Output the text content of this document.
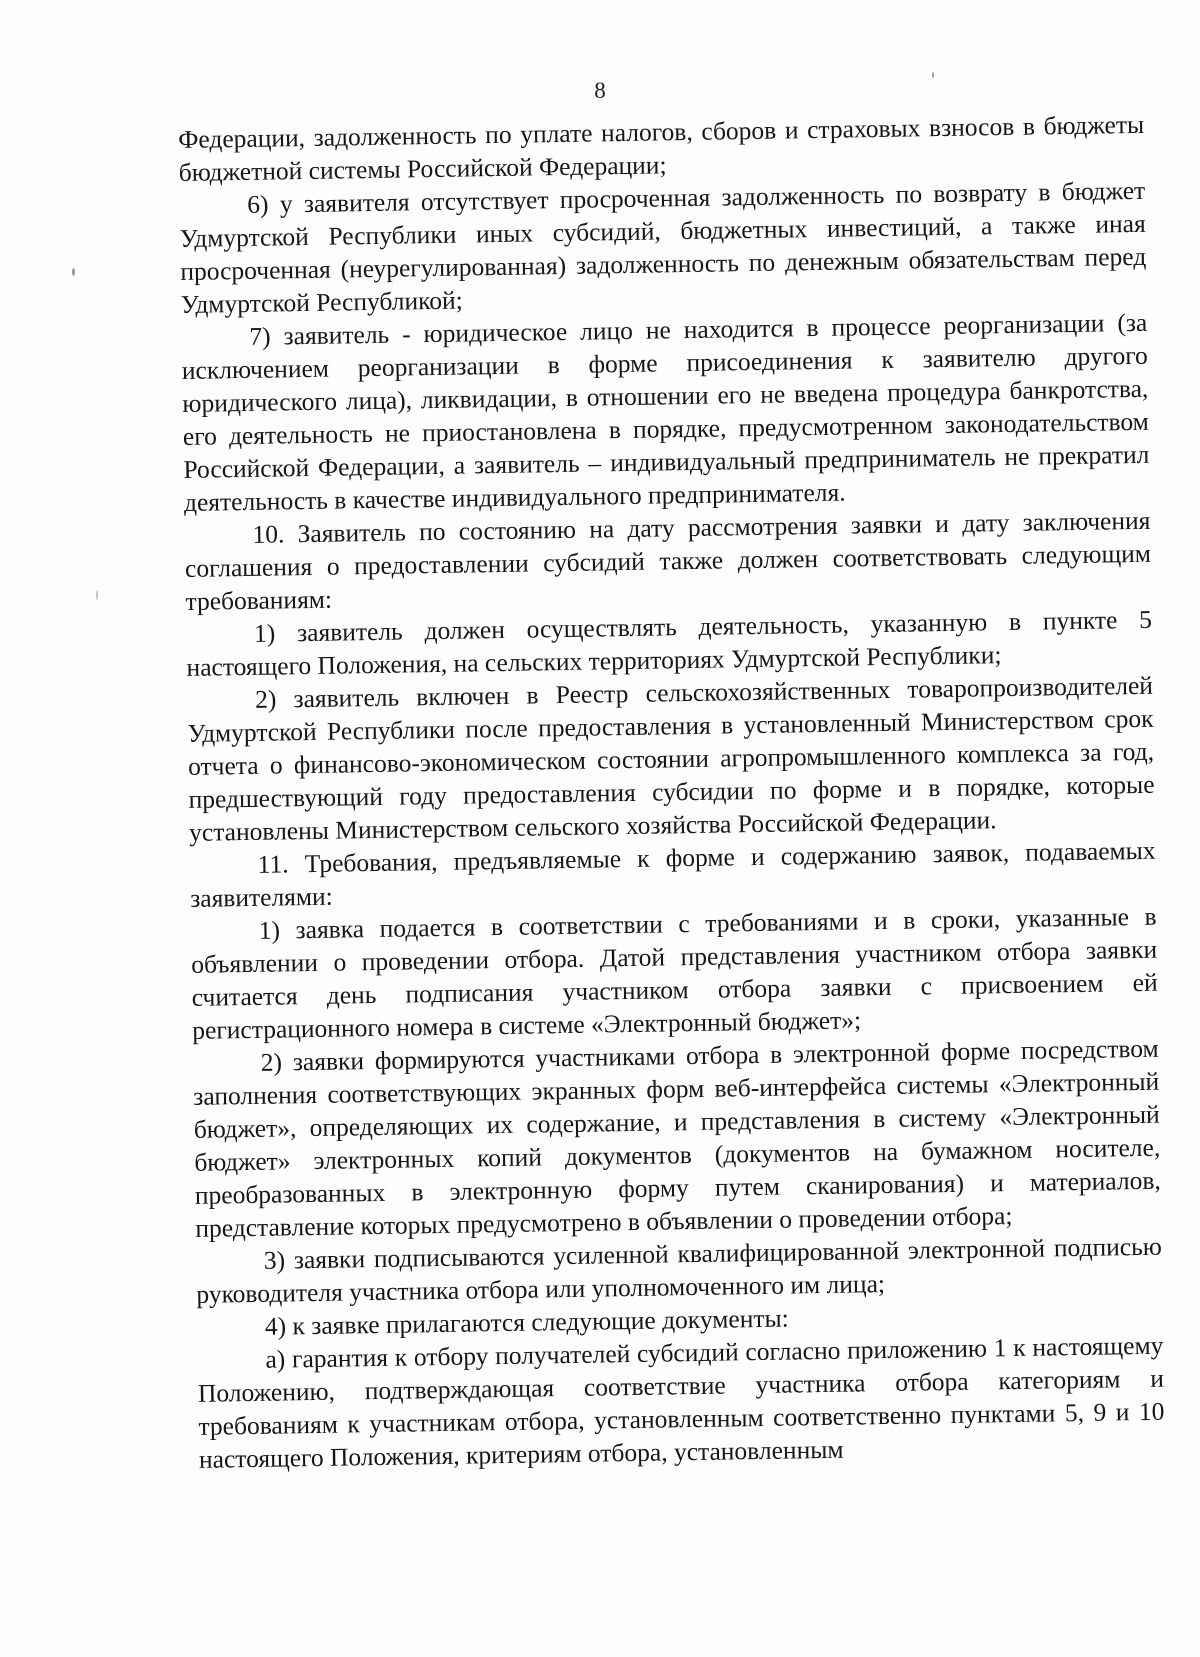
8

Федерации, задолженность по уплате налогов, сборов и страховых взносов в бюджеты бюджетной системы Российской Федерации;

6) у заявителя отсутствует просроченная задолженность по возврату в бюджет Удмуртской Республики иных субсидий, бюджетных инвестиций, а также иная просроченная (неурегулированная) задолженность по денежным обязательствам перед Удмуртской Республикой;

7) заявитель - юридическое лицо не находится в процессе реорганизации (за исключением реорганизации в форме присоединения к заявителю другого юридического лица), ликвидации, в отношении его не введена процедура банкротства, его деятельность не приостановлена в порядке, предусмотренном законодательством Российской Федерации, а заявитель – индивидуальный предприниматель не прекратил деятельность в качестве индивидуального предпринимателя.

10. Заявитель по состоянию на дату рассмотрения заявки и дату заключения соглашения о предоставлении субсидий также должен соответствовать следующим требованиям:

1) заявитель должен осуществлять деятельность, указанную в пункте 5 настоящего Положения, на сельских территориях Удмуртской Республики;

2) заявитель включен в Реестр сельскохозяйственных товаропроизводителей Удмуртской Республики после предоставления в установленный Министерством срок отчета о финансово-экономическом состоянии агропромышленного комплекса за год, предшествующий году предоставления субсидии по форме и в порядке, которые установлены Министерством сельского хозяйства Российской Федерации.

11. Требования, предъявляемые к форме и содержанию заявок, подаваемых заявителями:

1) заявка подается в соответствии с требованиями и в сроки, указанные в объявлении о проведении отбора. Датой представления участником отбора заявки считается день подписания участником отбора заявки с присвоением ей регистрационного номера в системе «Электронный бюджет»;

2) заявки формируются участниками отбора в электронной форме посредством заполнения соответствующих экранных форм веб-интерфейса системы «Электронный бюджет», определяющих их содержание, и представления в систему «Электронный бюджет» электронных копий документов (документов на бумажном носителе, преобразованных в электронную форму путем сканирования) и материалов, представление которых предусмотрено в объявлении о проведении отбора;

3) заявки подписываются усиленной квалифицированной электронной подписью руководителя участника отбора или уполномоченного им лица;

4) к заявке прилагаются следующие документы:

а) гарантия к отбору получателей субсидий согласно приложению 1 к настоящему Положению, подтверждающая соответствие участника отбора категориям и требованиям к участникам отбора, установленным соответственно пунктами 5, 9 и 10 настоящего Положения, критериям отбора, установленным
